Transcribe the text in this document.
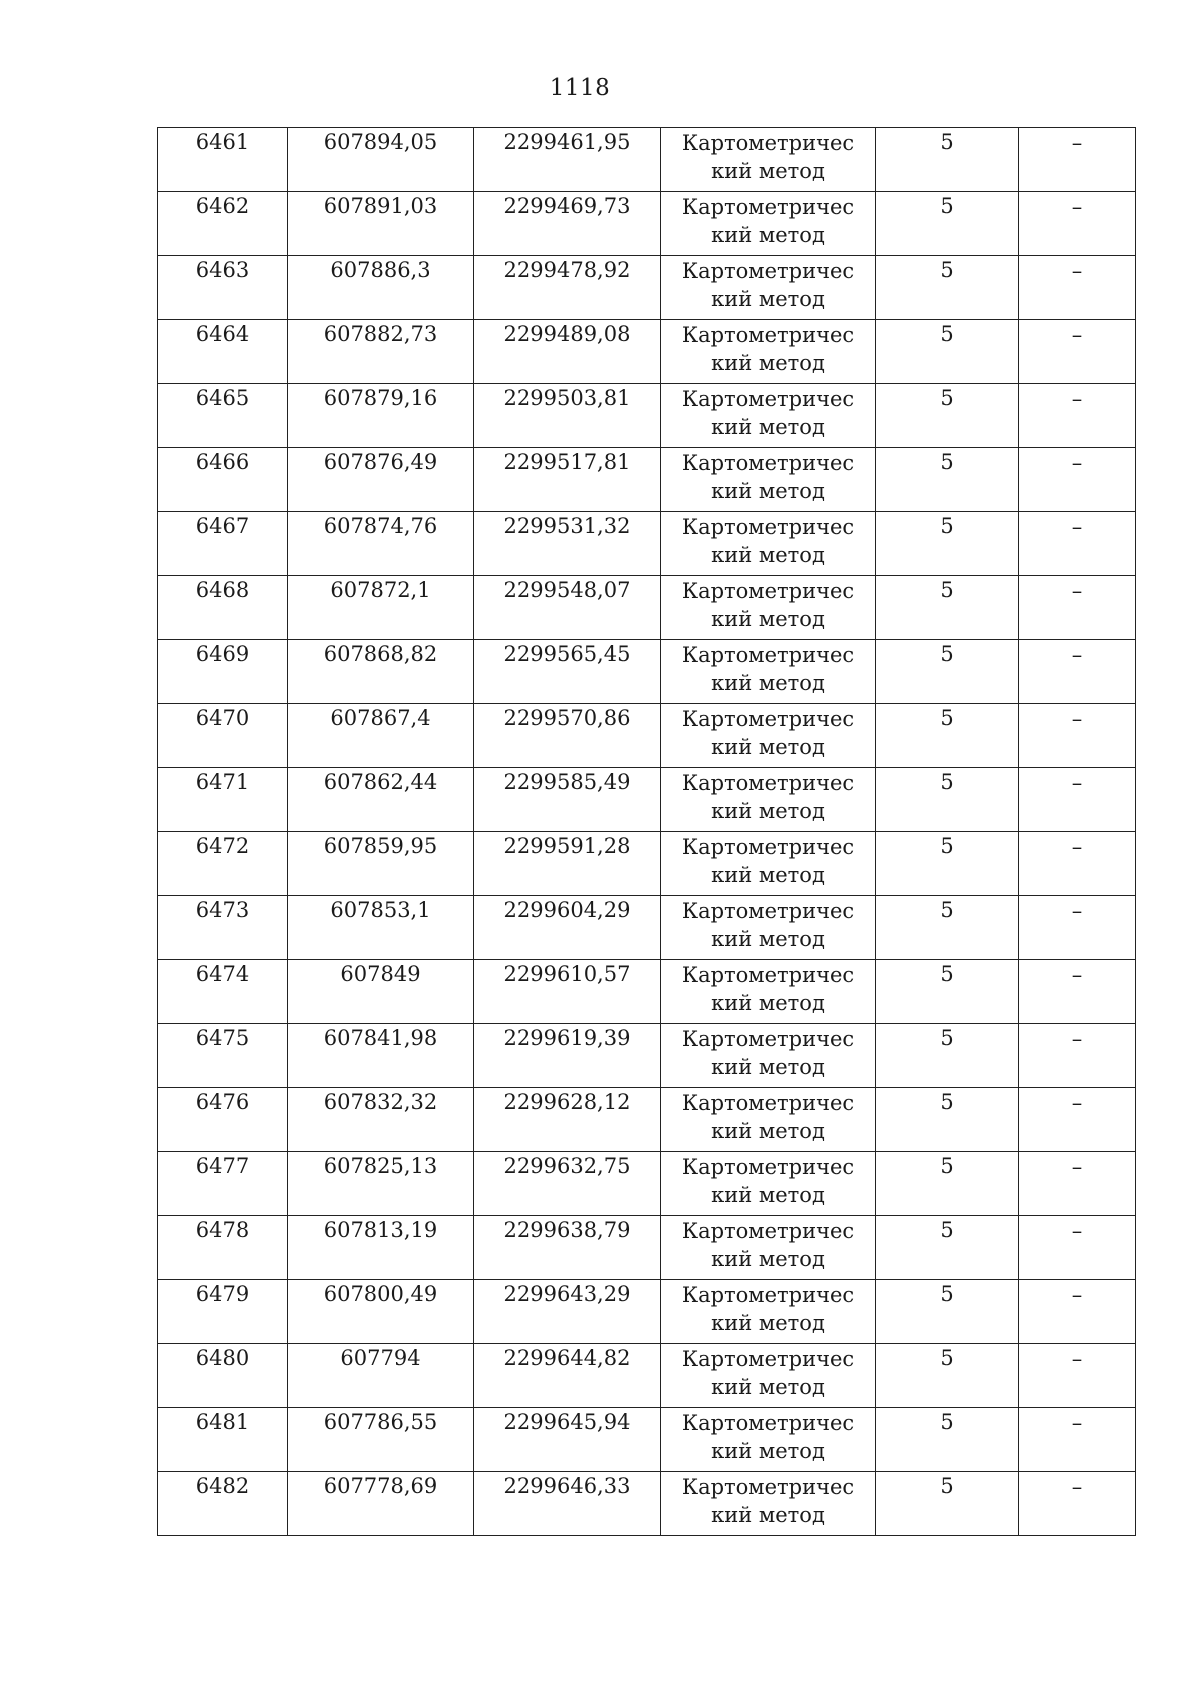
1118
6461	607894,05	2299461,95	Картометрический метод	5	–
6462	607891,03	2299469,73	Картометрический метод	5	–
6463	607886,3	2299478,92	Картометрический метод	5	–
6464	607882,73	2299489,08	Картометрический метод	5	–
6465	607879,16	2299503,81	Картометрический метод	5	–
6466	607876,49	2299517,81	Картометрический метод	5	–
6467	607874,76	2299531,32	Картометрический метод	5	–
6468	607872,1	2299548,07	Картометрический метод	5	–
6469	607868,82	2299565,45	Картометрический метод	5	–
6470	607867,4	2299570,86	Картометрический метод	5	–
6471	607862,44	2299585,49	Картометрический метод	5	–
6472	607859,95	2299591,28	Картометрический метод	5	–
6473	607853,1	2299604,29	Картометрический метод	5	–
6474	607849	2299610,57	Картометрический метод	5	–
6475	607841,98	2299619,39	Картометрический метод	5	–
6476	607832,32	2299628,12	Картометрический метод	5	–
6477	607825,13	2299632,75	Картометрический метод	5	–
6478	607813,19	2299638,79	Картометрический метод	5	–
6479	607800,49	2299643,29	Картометрический метод	5	–
6480	607794	2299644,82	Картометрический метод	5	–
6481	607786,55	2299645,94	Картометрический метод	5	–
6482	607778,69	2299646,33	Картометрический метод	5	–
